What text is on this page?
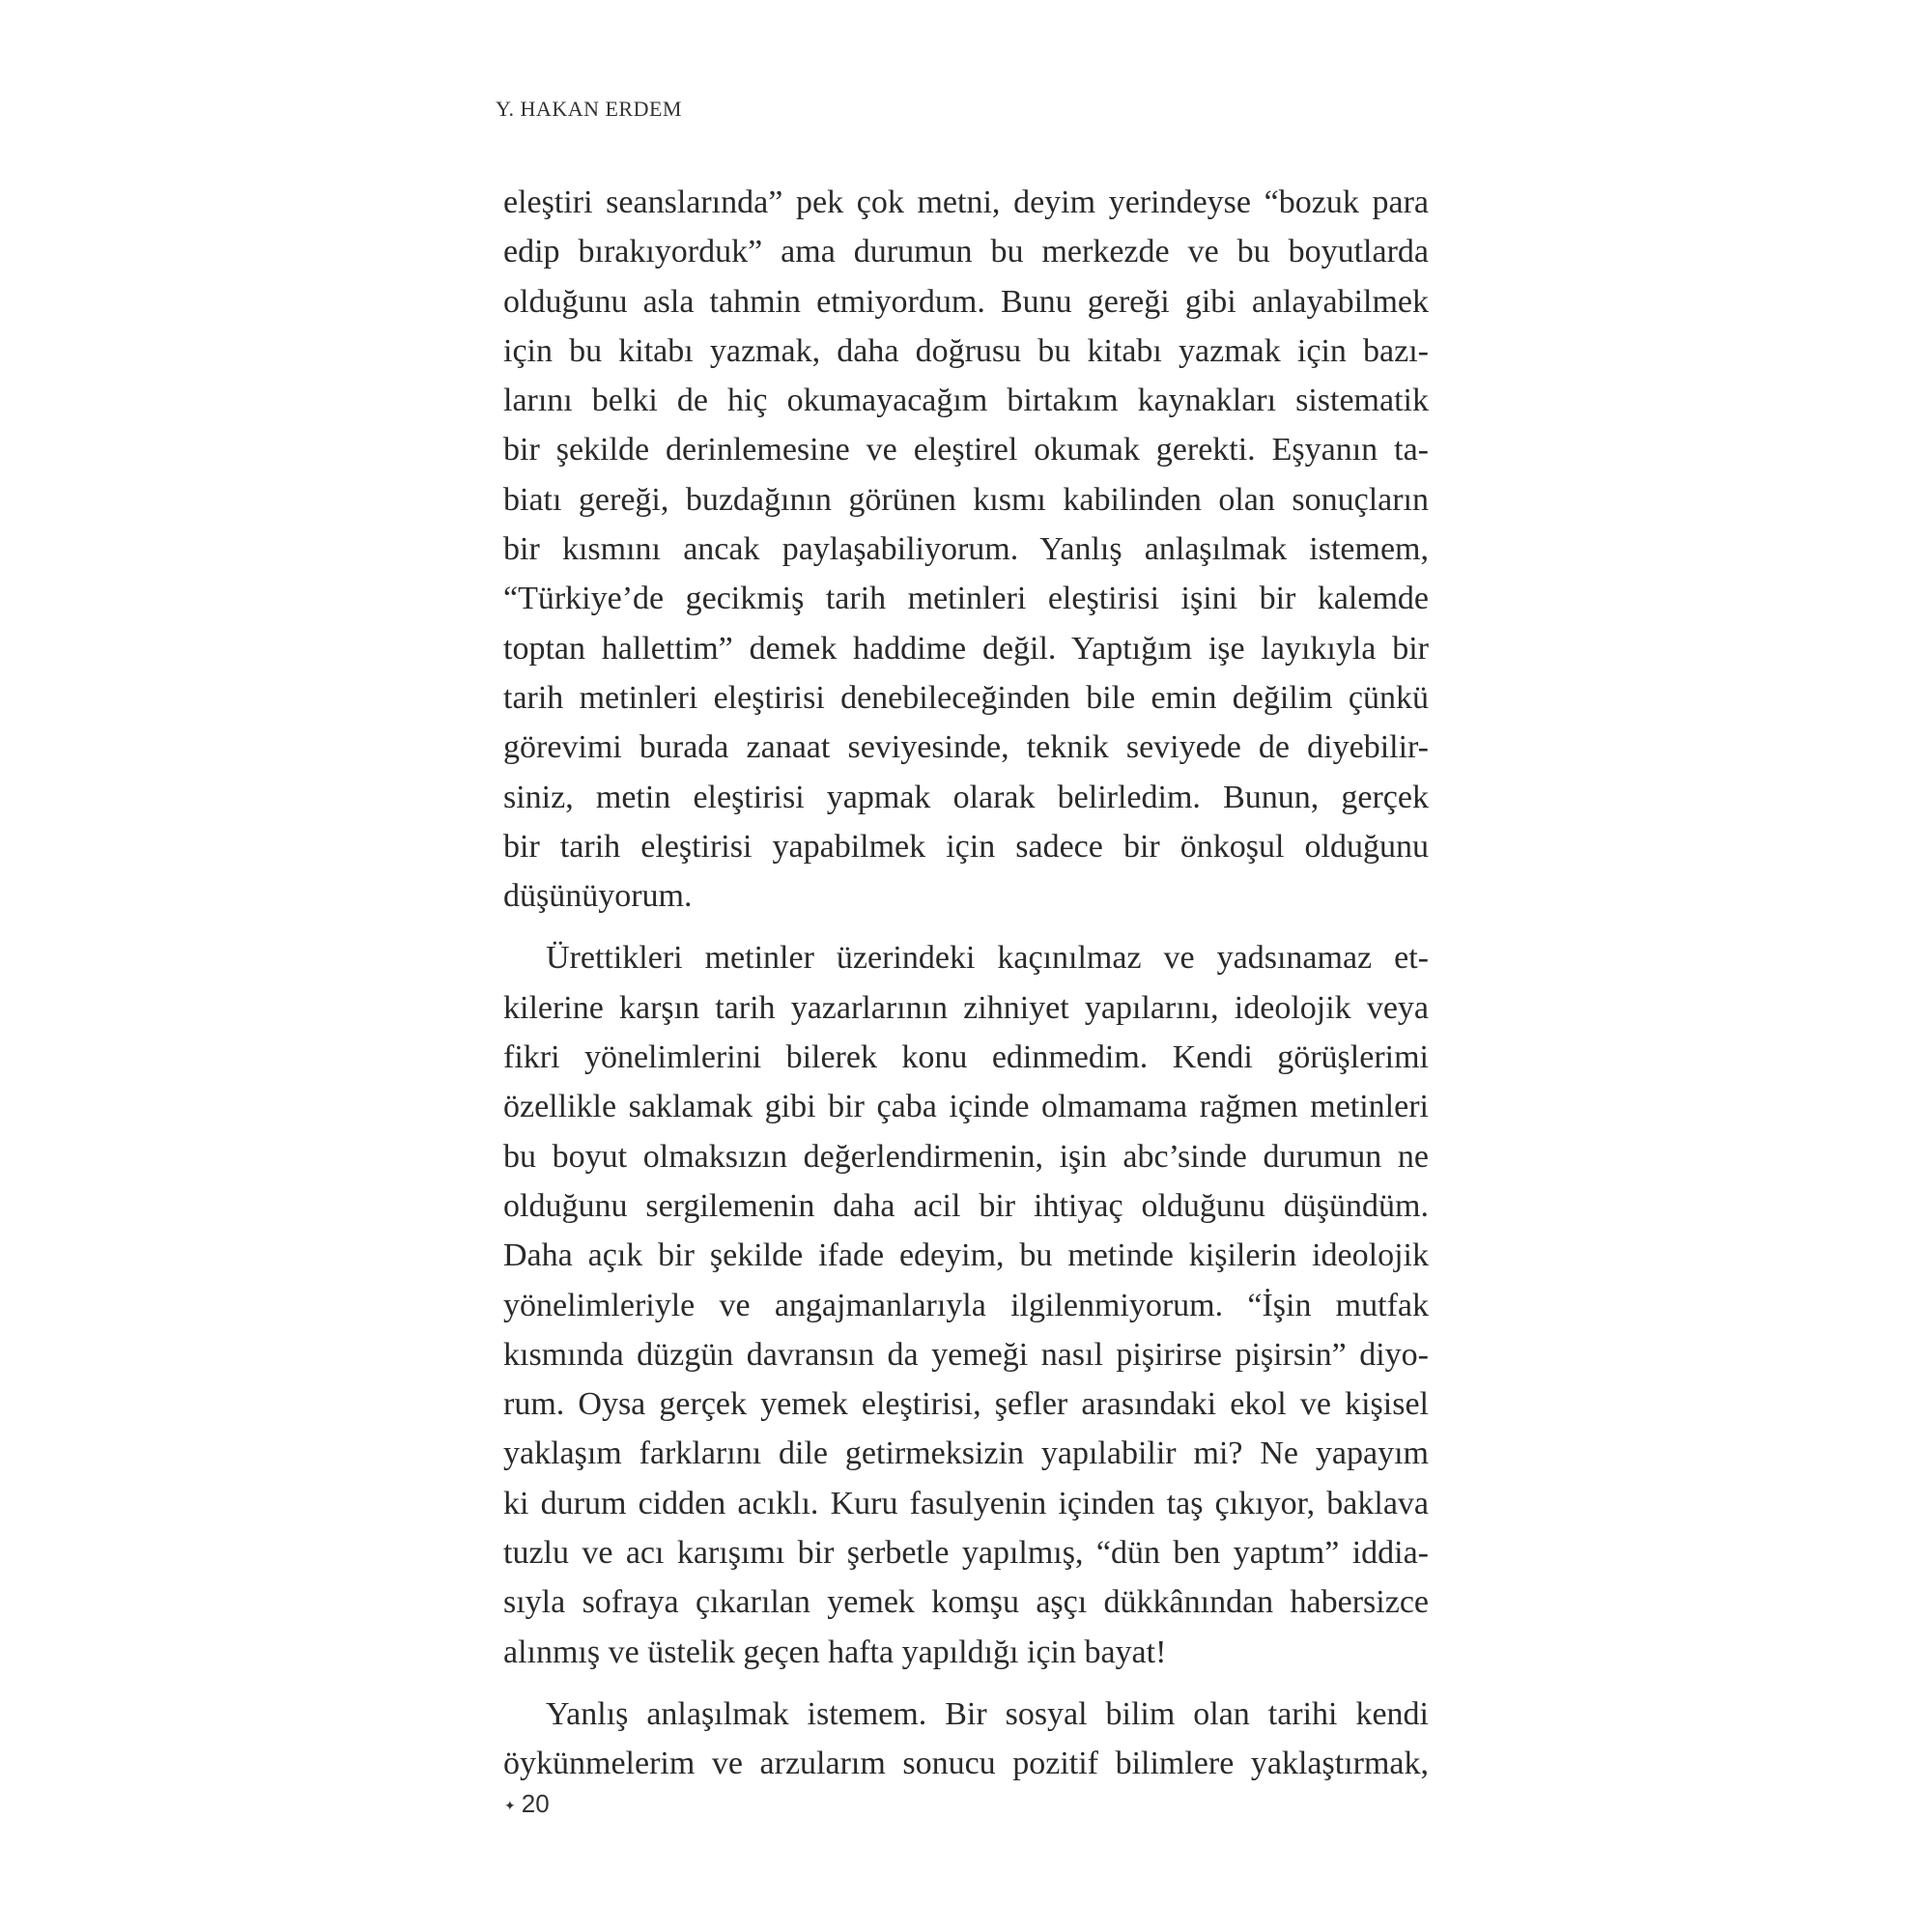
Y. HAKAN ERDEM
eleştiri seanslarında” pek çok metni, deyim yerindeyse “bozuk para
edip bırakıyorduk” ama durumun bu merkezde ve bu boyutlarda
olduğunu asla tahmin etmiyordum. Bunu gereği gibi anlayabilmek
için bu kitabı yazmak, daha doğrusu bu kitabı yazmak için bazı-
larını belki de hiç okumayacağım birtakım kaynakları sistematik
bir şekilde derinlemesine ve eleştirel okumak gerekti. Eşyanın ta-
biatı gereği, buzdağının görünen kısmı kabilinden olan sonuçların
bir kısmını ancak paylaşabiliyorum. Yanlış anlaşılmak istemem,
“Türkiye’de gecikmiş tarih metinleri eleştirisi işini bir kalemde
toptan hallettim” demek haddime değil. Yaptığım işe layıkıyla bir
tarih metinleri eleştirisi denebileceğinden bile emin değilim çünkü
görevimi burada zanaat seviyesinde, teknik seviyede de diyebilir-
siniz, metin eleştirisi yapmak olarak belirledim. Bunun, gerçek
bir tarih eleştirisi yapabilmek için sadece bir önkoşul olduğunu
düşünüyorum.
Ürettikleri metinler üzerindeki kaçınılmaz ve yadsınamaz et-
kilerine karşın tarih yazarlarının zihniyet yapılarını, ideolojik veya
fikri yönelimlerini bilerek konu edinmedim. Kendi görüşlerimi
özellikle saklamak gibi bir çaba içinde olmamama rağmen metinleri
bu boyut olmaksızın değerlendirmenin, işin abc’sinde durumun ne
olduğunu sergilemenin daha acil bir ihtiyaç olduğunu düşündüm.
Daha açık bir şekilde ifade edeyim, bu metinde kişilerin ideolojik
yönelimleriyle ve angajmanlarıyla ilgilenmiyorum. “İşin mutfak
kısmında düzgün davransın da yemeği nasıl pişirirse pişirsin” diyo-
rum. Oysa gerçek yemek eleştirisi, şefler arasındaki ekol ve kişisel
yaklaşım farklarını dile getirmeksizin yapılabilir mi? Ne yapayım
ki durum cidden acıklı. Kuru fasulyenin içinden taş çıkıyor, baklava
tuzlu ve acı karışımı bir şerbetle yapılmış, “dün ben yaptım” iddia-
sıyla sofraya çıkarılan yemek komşu aşçı dükkânından habersizce
alınmış ve üstelik geçen hafta yapıldığı için bayat!
Yanlış anlaşılmak istemem. Bir sosyal bilim olan tarihi kendi
öykünmelerim ve arzularım sonucu pozitif bilimlere yaklaştırmak,
✦ 20
